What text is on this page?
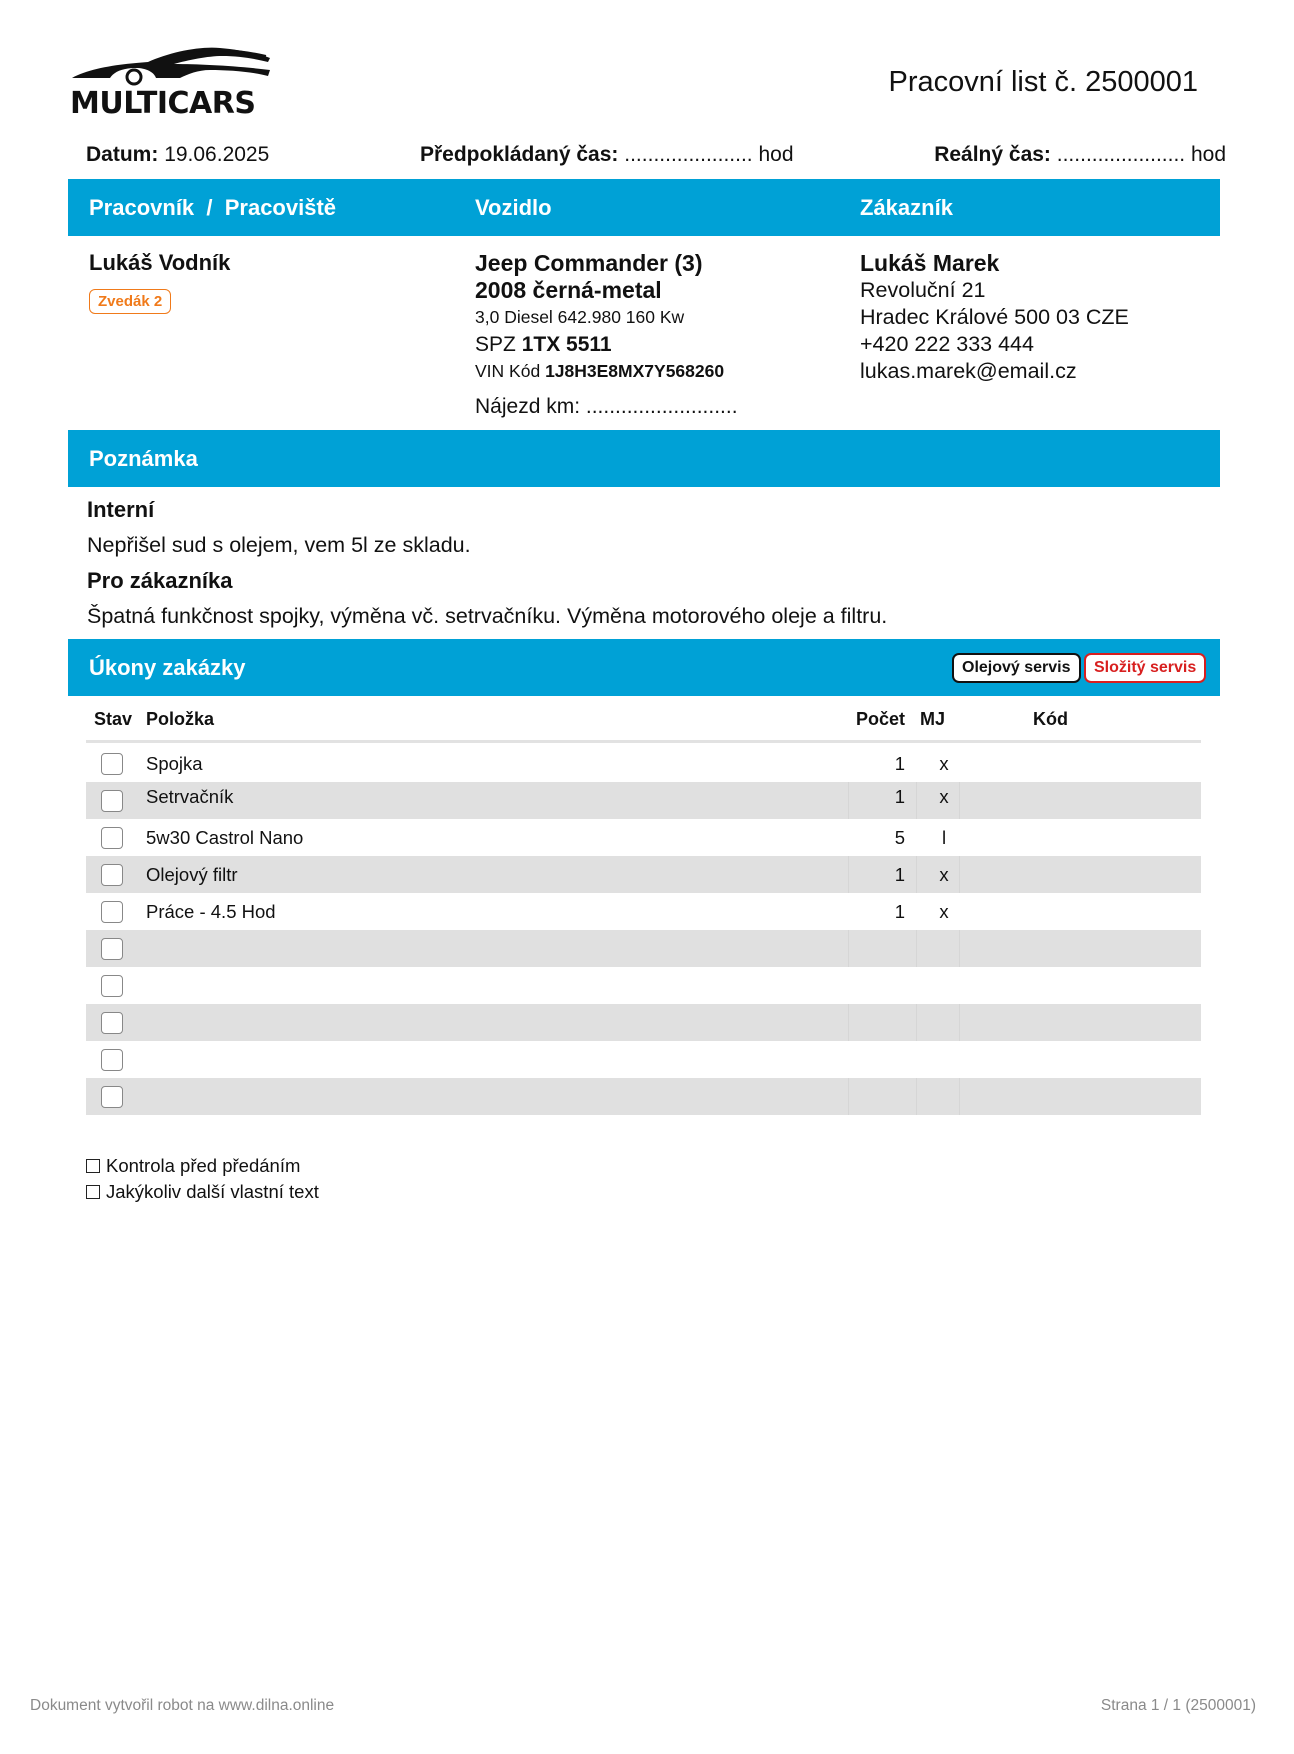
MULTICARS
Pracovní list č. 2500001
Datum: 19.06.2025	Předpokládaný čas: ...................... hod	Reálný čas: ...................... hod
Pracovník  /  Pracoviště	Vozidlo	Zákazník
Lukáš Vodník
Zvedák 2
Jeep Commander (3)
2008 černá-metal
3,0 Diesel 642.980 160 Kw
SPZ 1TX 5511
VIN Kód 1J8H3E8MX7Y568260
Nájezd km: ..........................
Lukáš Marek
Revoluční 21
Hradec Králové 500 03 CZE
+420 222 333 444
lukas.marek@email.cz
Poznámka
Interní
Nepřišel sud s olejem, vem 5l ze skladu.
Pro zákazníka
Špatná funkčnost spojky, výměna vč. setrvačníku. Výměna motorového oleje a filtru.
Úkony zakázky	Olejový servis	Složitý servis
Stav Položka	Počet MJ	Kód
Spojka	1 x
Setrvačník	1 x
5w30 Castrol Nano	5	l
Olejový filtr	1 x
Práce - 4.5 Hod	1 x
Kontrola před předáním
Jakýkoliv další vlastní text
Dokument vytvořil robot na www.dilna.online	Strana 1 / 1 (2500001)
